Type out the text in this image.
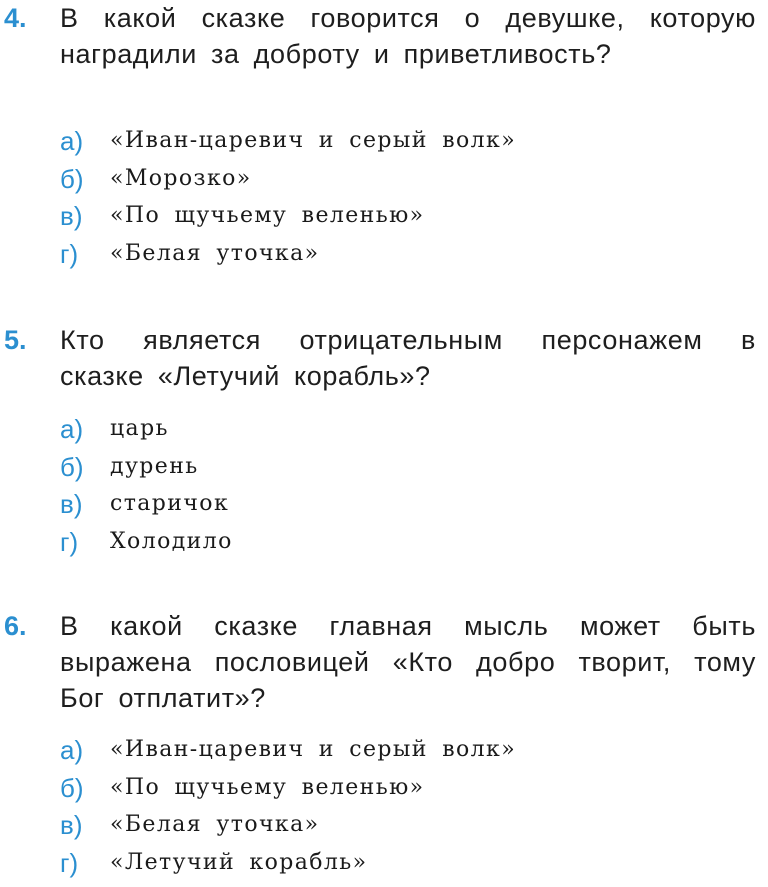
4. В какой сказке говорится о девушке, которую наградили за доброту и приветливость?
а) «Иван-царевич и серый волк»
б) «Морозко»
в) «По щучьему веленью»
г) «Белая уточка»
5. Кто является отрицательным персонажем в сказке «Летучий корабль»?
а) царь
б) дурень
в) старичок
г) Холодило
6. В какой сказке главная мысль может быть выражена пословицей «Кто добро творит, тому Бог отплатит»?
а) «Иван-царевич и серый волк»
б) «По щучьему веленью»
в) «Белая уточка»
г) «Летучий корабль»
